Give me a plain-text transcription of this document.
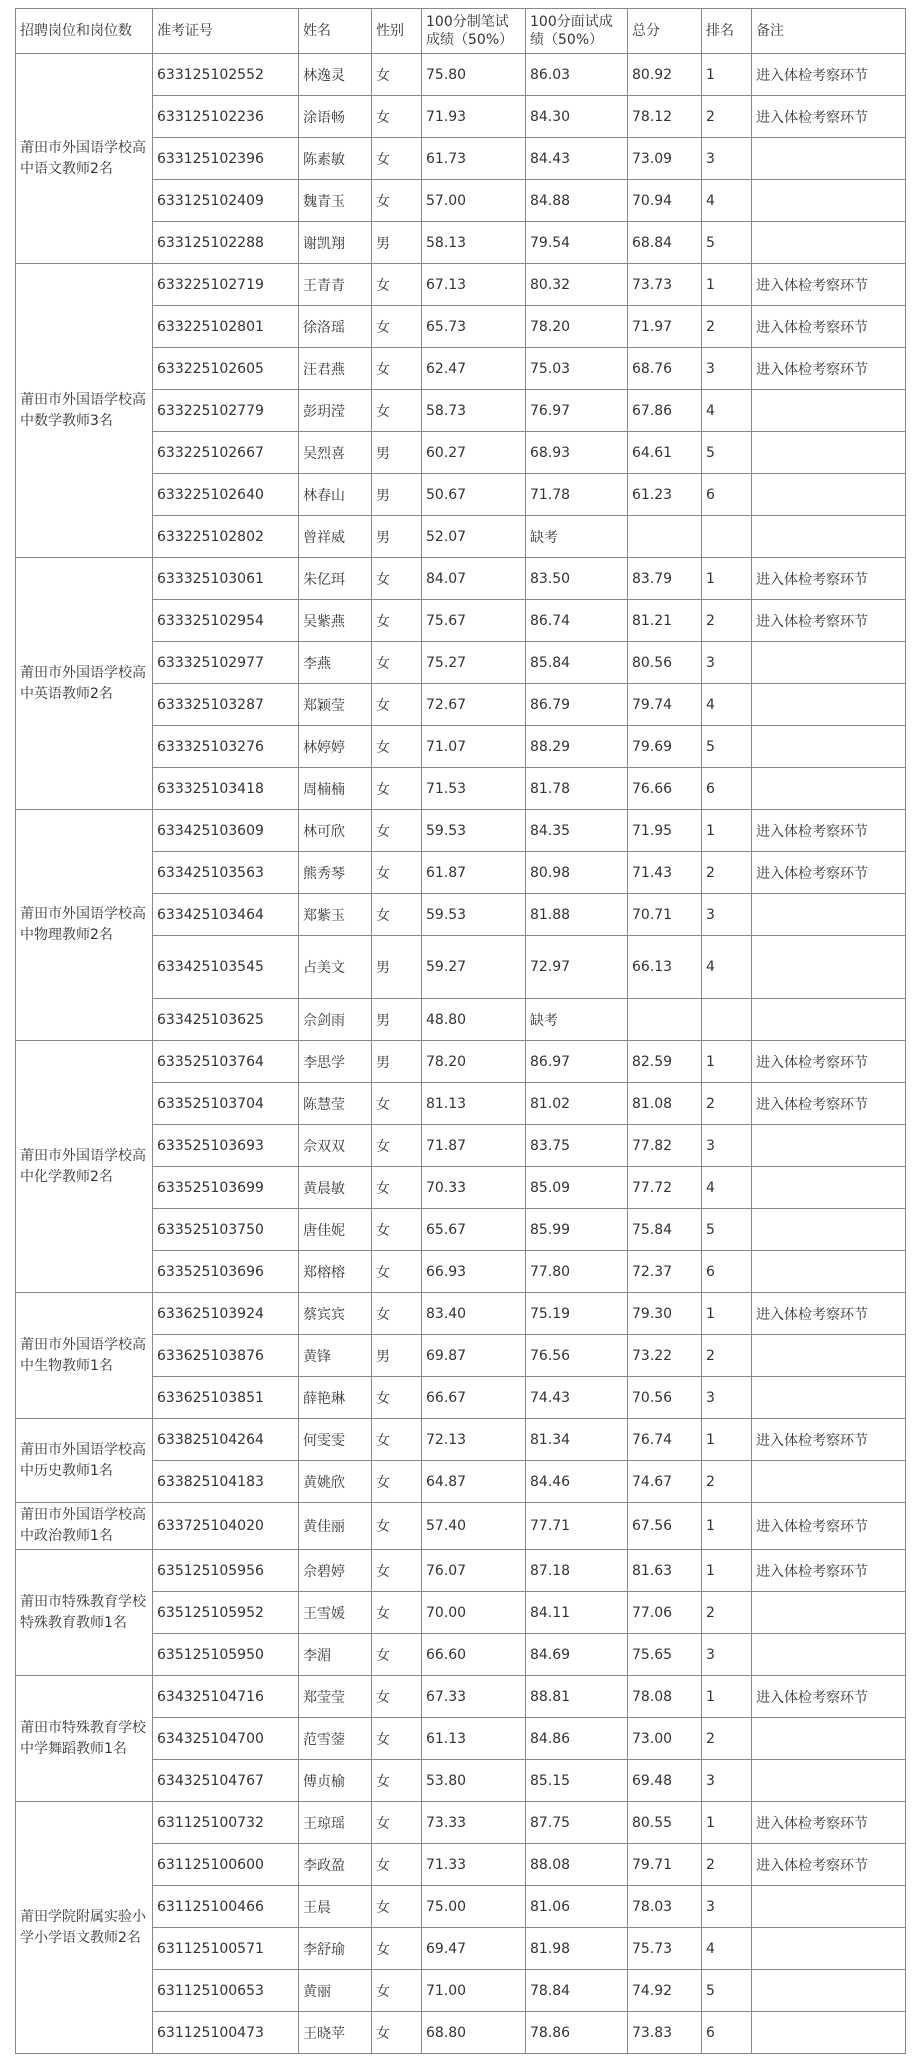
招聘岗位和岗位数	准考证号	姓名	性别	100分制笔试成绩（50%）	100分面试成绩（50%）	总分	排名	备注
莆田市外国语学校高中语文教师2名	633125102552	林逸灵	女	75.80	86.03	80.92	1	进入体检考察环节
	633125102236	涂语畅	女	71.93	84.30	78.12	2	进入体检考察环节
	633125102396	陈素敏	女	61.73	84.43	73.09	3	
	633125102409	魏青玉	女	57.00	84.88	70.94	4	
	633125102288	谢凯翔	男	58.13	79.54	68.84	5	
莆田市外国语学校高中数学教师3名	633225102719	王青青	女	67.13	80.32	73.73	1	进入体检考察环节
	633225102801	徐洛瑶	女	65.73	78.20	71.97	2	进入体检考察环节
	633225102605	汪君燕	女	62.47	75.03	68.76	3	进入体检考察环节
	633225102779	彭玥滢	女	58.73	76.97	67.86	4	
	633225102667	吴烈喜	男	60.27	68.93	64.61	5	
	633225102640	林春山	男	50.67	71.78	61.23	6	
	633225102802	曾祥威	男	52.07	缺考			
莆田市外国语学校高中英语教师2名	633325103061	朱亿珥	女	84.07	83.50	83.79	1	进入体检考察环节
	633325102954	吴紫燕	女	75.67	86.74	81.21	2	进入体检考察环节
	633325102977	李燕	女	75.27	85.84	80.56	3	
	633325103287	郑颖莹	女	72.67	86.79	79.74	4	
	633325103276	林婷婷	女	71.07	88.29	79.69	5	
	633325103418	周楠楠	女	71.53	81.78	76.66	6	
莆田市外国语学校高中物理教师2名	633425103609	林可欣	女	59.53	84.35	71.95	1	进入体检考察环节
	633425103563	熊秀琴	女	61.87	80.98	71.43	2	进入体检考察环节
	633425103464	郑紫玉	女	59.53	81.88	70.71	3	
	633425103545	占美文	男	59.27	72.97	66.13	4	
	633425103625	佘剑雨	男	48.80	缺考			
莆田市外国语学校高中化学教师2名	633525103764	李思学	男	78.20	86.97	82.59	1	进入体检考察环节
	633525103704	陈慧莹	女	81.13	81.02	81.08	2	进入体检考察环节
	633525103693	佘双双	女	71.87	83.75	77.82	3	
	633525103699	黄晨敏	女	70.33	85.09	77.72	4	
	633525103750	唐佳妮	女	65.67	85.99	75.84	5	
	633525103696	郑榕榕	女	66.93	77.80	72.37	6	
莆田市外国语学校高中生物教师1名	633625103924	蔡宾宾	女	83.40	75.19	79.30	1	进入体检考察环节
	633625103876	黄锋	男	69.87	76.56	73.22	2	
	633625103851	薛艳琳	女	66.67	74.43	70.56	3	
莆田市外国语学校高中历史教师1名	633825104264	何雯雯	女	72.13	81.34	76.74	1	进入体检考察环节
	633825104183	黄姚欣	女	64.87	84.46	74.67	2	
莆田市外国语学校高中政治教师1名	633725104020	黄佳丽	女	57.40	77.71	67.56	1	进入体检考察环节
莆田市特殊教育学校特殊教育教师1名	635125105956	佘碧婷	女	76.07	87.18	81.63	1	进入体检考察环节
	635125105952	王雪媛	女	70.00	84.11	77.06	2	
	635125105950	李湄	女	66.60	84.69	75.65	3	
莆田市特殊教育学校中学舞蹈教师1名	634325104716	郑莹莹	女	67.33	88.81	78.08	1	进入体检考察环节
	634325104700	范雪蓥	女	61.13	84.86	73.00	2	
	634325104767	傅贞榆	女	53.80	85.15	69.48	3	
莆田学院附属实验小学小学语文教师2名	631125100732	王琼瑶	女	73.33	87.75	80.55	1	进入体检考察环节
	631125100600	李政盈	女	71.33	88.08	79.71	2	进入体检考察环节
	631125100466	王晨	女	75.00	81.06	78.03	3	
	631125100571	李舒瑜	女	69.47	81.98	75.73	4	
	631125100653	黄丽	女	71.00	78.84	74.92	5	
	631125100473	王晓苹	女	68.80	78.86	73.83	6	
